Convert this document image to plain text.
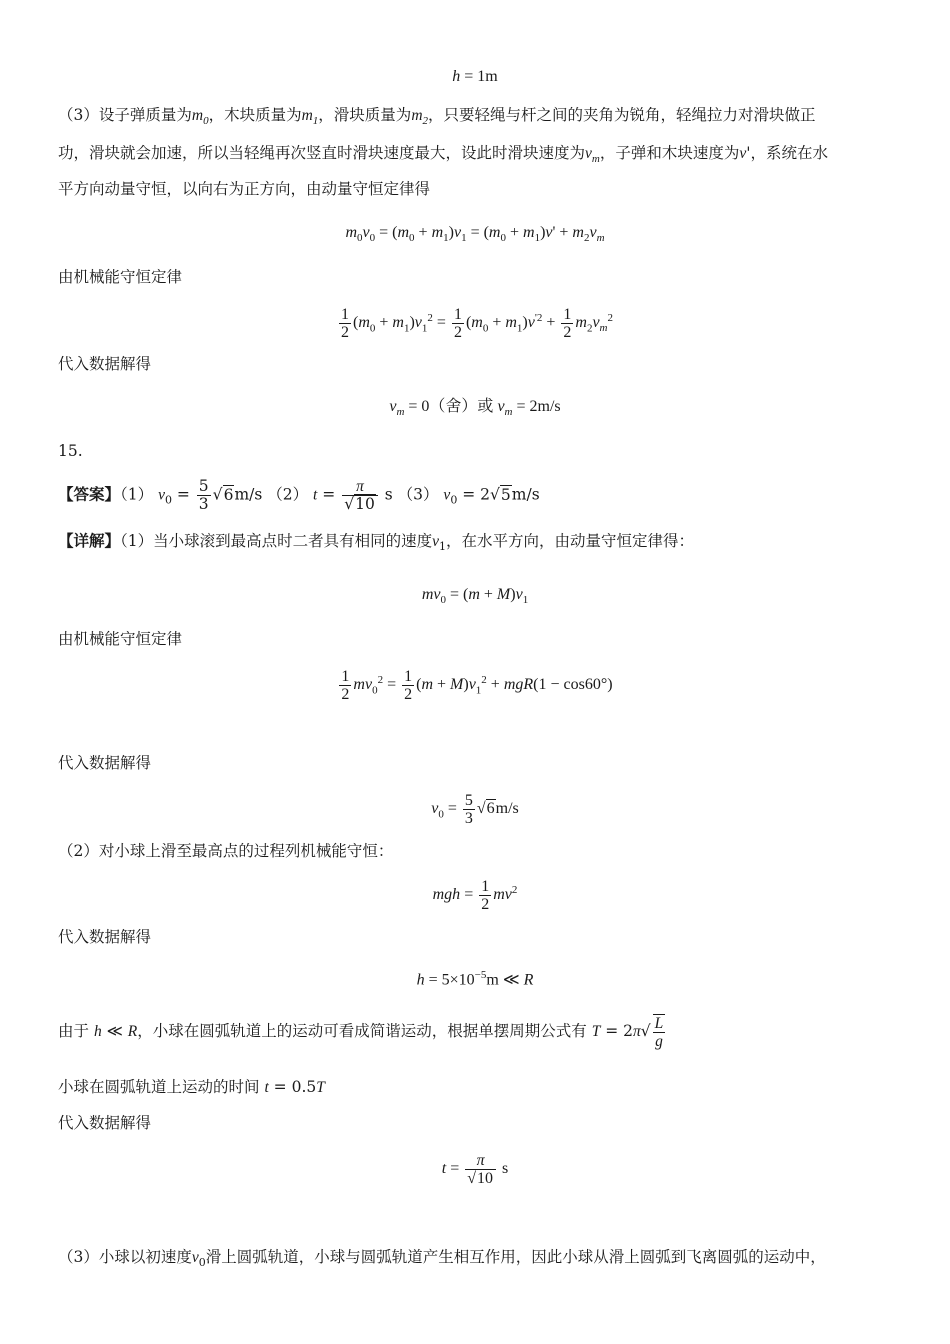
h = 1m
（3）设子弹质量为$m_0$，木块质量为$m_1$，滑块质量为$m_2$，只要轻绳与杆之间的夹角为锐角，轻绳拉力对滑块做正
功，滑块就会加速，所以当轻绳再次竖直时滑块速度最大，设此时滑块速度为$v_m$，子弹和木块速度为v'，系统在水
平方向动量守恒，以向右为正方向，由动量守恒定律得
$m_0v_0 = (m_0 + m_1)v_1 = (m_0 + m_1)v' + m_2v_m$
由机械能守恒定律
$\frac{1}{2} (m_0 + m_1)v_1^2 = \frac{1}{2} (m_0 + m_1)v^{'2} + \frac{1}{2} m_2v_m^2$
代入数据解得
$v_m = 0$（舍）或 $v_m = 2m/s$
15.
【答案】（1） $v_0 = \frac{5}{3} √6m/s$ （2） $t = \frac{\pi}{√10}$ s （3） $v_0 = 2√5m/s$
【详解】（1）当小球滚到最高点时二者具有相同的速度$v_1$，在水平方向，由动量守恒定律得：
$mv_0 = (m + M)v_1$
由机械能守恒定律
$\frac{1}{2} mv_0^2 = \frac{1}{2} (m + M)v_1^2 + mgR(1 - \cos 60^\circ)$
代入数据解得
$v_0 = \frac{5}{3} √6m/s$
（2）对小球上滑至最高点的过程列机械能守恒：
mgh = $\frac{1}{2} mv^2$
代入数据解得
$h = 5\times 10^{-5}m$ ≪ R
由于 h ≪ R，小球在圆弧轨道上的运动可看成简谐运动，根据单摆周期公式有 $T = 2\pi√ \frac{L}{g}$
小球在圆弧轨道上运动的时间 t = 0.5T
代入数据解得
$t = \frac{\pi}{√10}$ s
（3）小球以初速度$v_0$滑上圆弧轨道，小球与圆弧轨道产生相互作用，因此小球从滑上圆弧到飞离圆弧的运动中，
